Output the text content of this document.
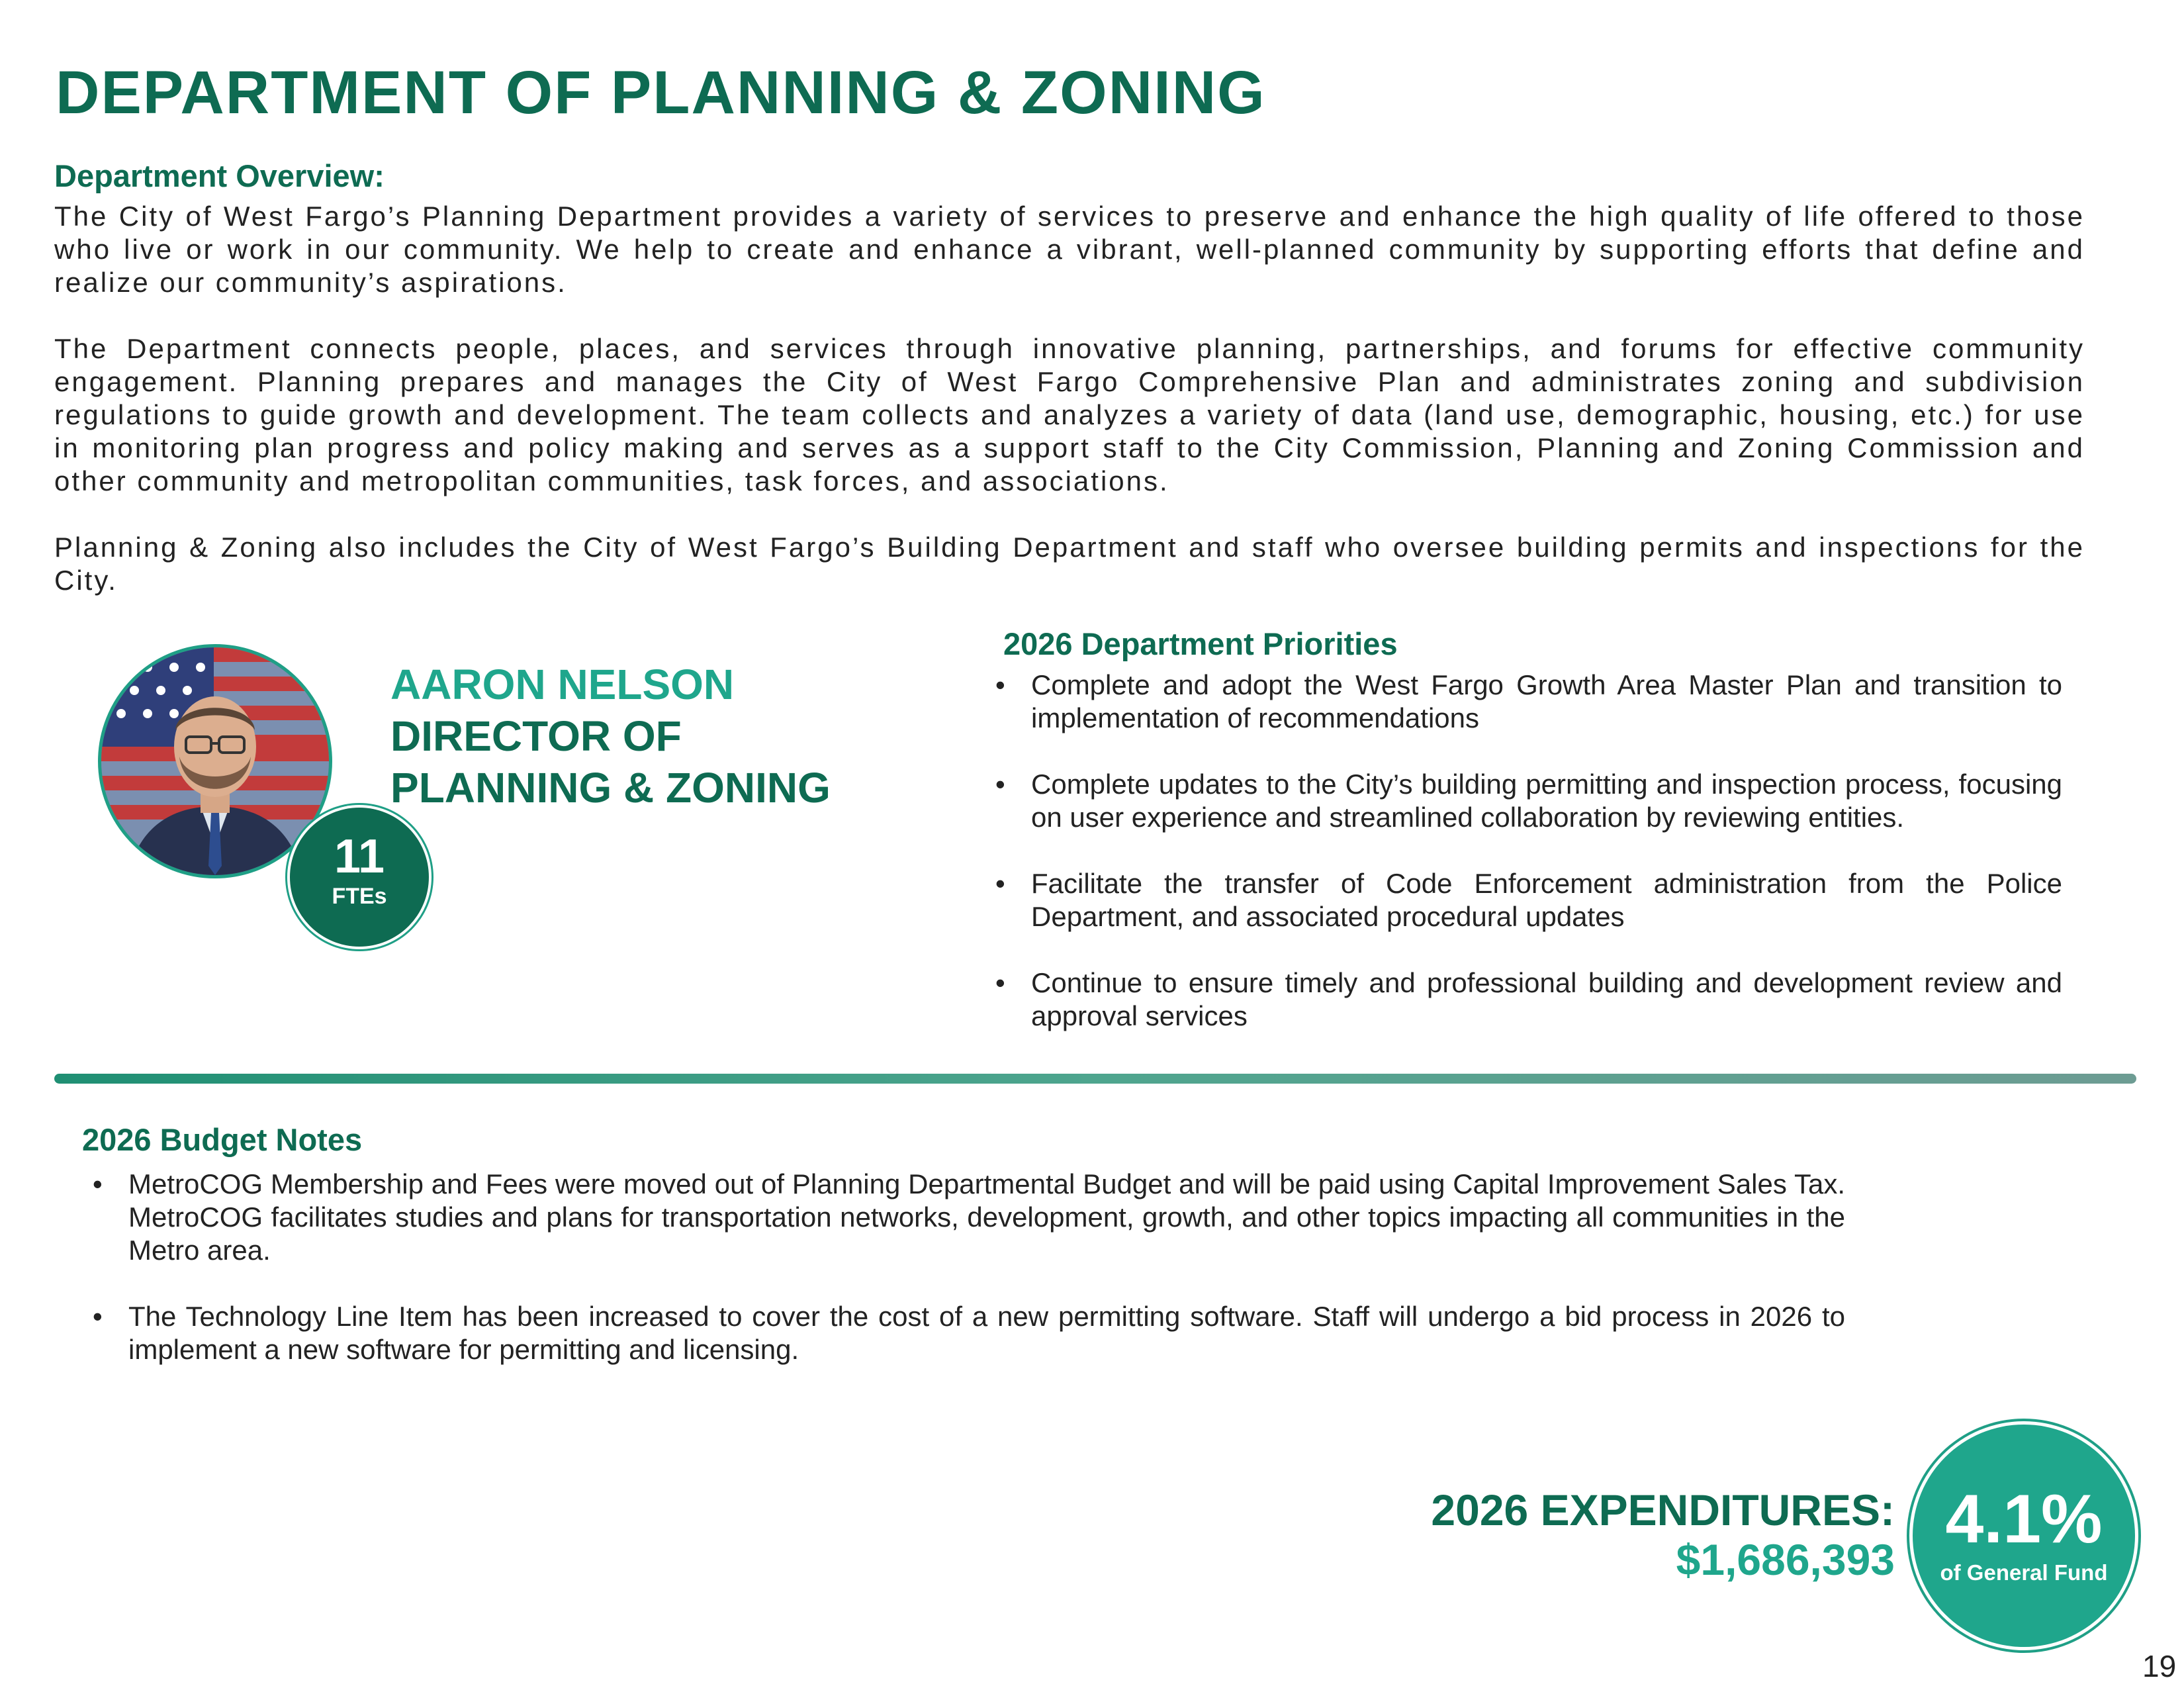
DEPARTMENT OF PLANNING & ZONING
Department Overview:

The City of West Fargo’s Planning Department provides a variety of services to preserve and enhance the high quality of life offered to those who live or work in our community. We help to create and enhance a vibrant, well-planned community by supporting efforts that define and realize our community’s aspirations.

The Department connects people, places, and services through innovative planning, partnerships, and forums for effective community engagement. Planning prepares and manages the City of West Fargo Comprehensive Plan and administrates zoning and subdivision regulations to guide growth and development. The team collects and analyzes a variety of data (land use, demographic, housing, etc.) for use in monitoring plan progress and policy making and serves as a support staff to the City Commission, Planning and Zoning Commission and other community and metropolitan communities, task forces, and associations.

Planning & Zoning also includes the City of West Fargo’s Building Department and staff who oversee building permits and inspections for the City.

11
FTEs
AARON NELSON
DIRECTOR OF
PLANNING & ZONING
2026 Department Priorities
• Complete and adopt the West Fargo Growth Area Master Plan and transition to implementation of recommendations
• Complete updates to the City’s building permitting and inspection process, focusing on user experience and streamlined collaboration by reviewing entities.
• Facilitate the transfer of Code Enforcement administration from the Police Department, and associated procedural updates
• Continue to ensure timely and professional building and development review and approval services
2026 Budget Notes
• MetroCOG Membership and Fees were moved out of Planning Departmental Budget and will be paid using Capital Improvement Sales Tax. MetroCOG facilitates studies and plans for transportation networks, development, growth, and other topics impacting all communities in the Metro area.
• The Technology Line Item has been increased to cover the cost of a new permitting software. Staff will undergo a bid process in 2026 to implement a new software for permitting and licensing.
2026 EXPENDITURES:
$1,686,393
4.1%
of General Fund
19
